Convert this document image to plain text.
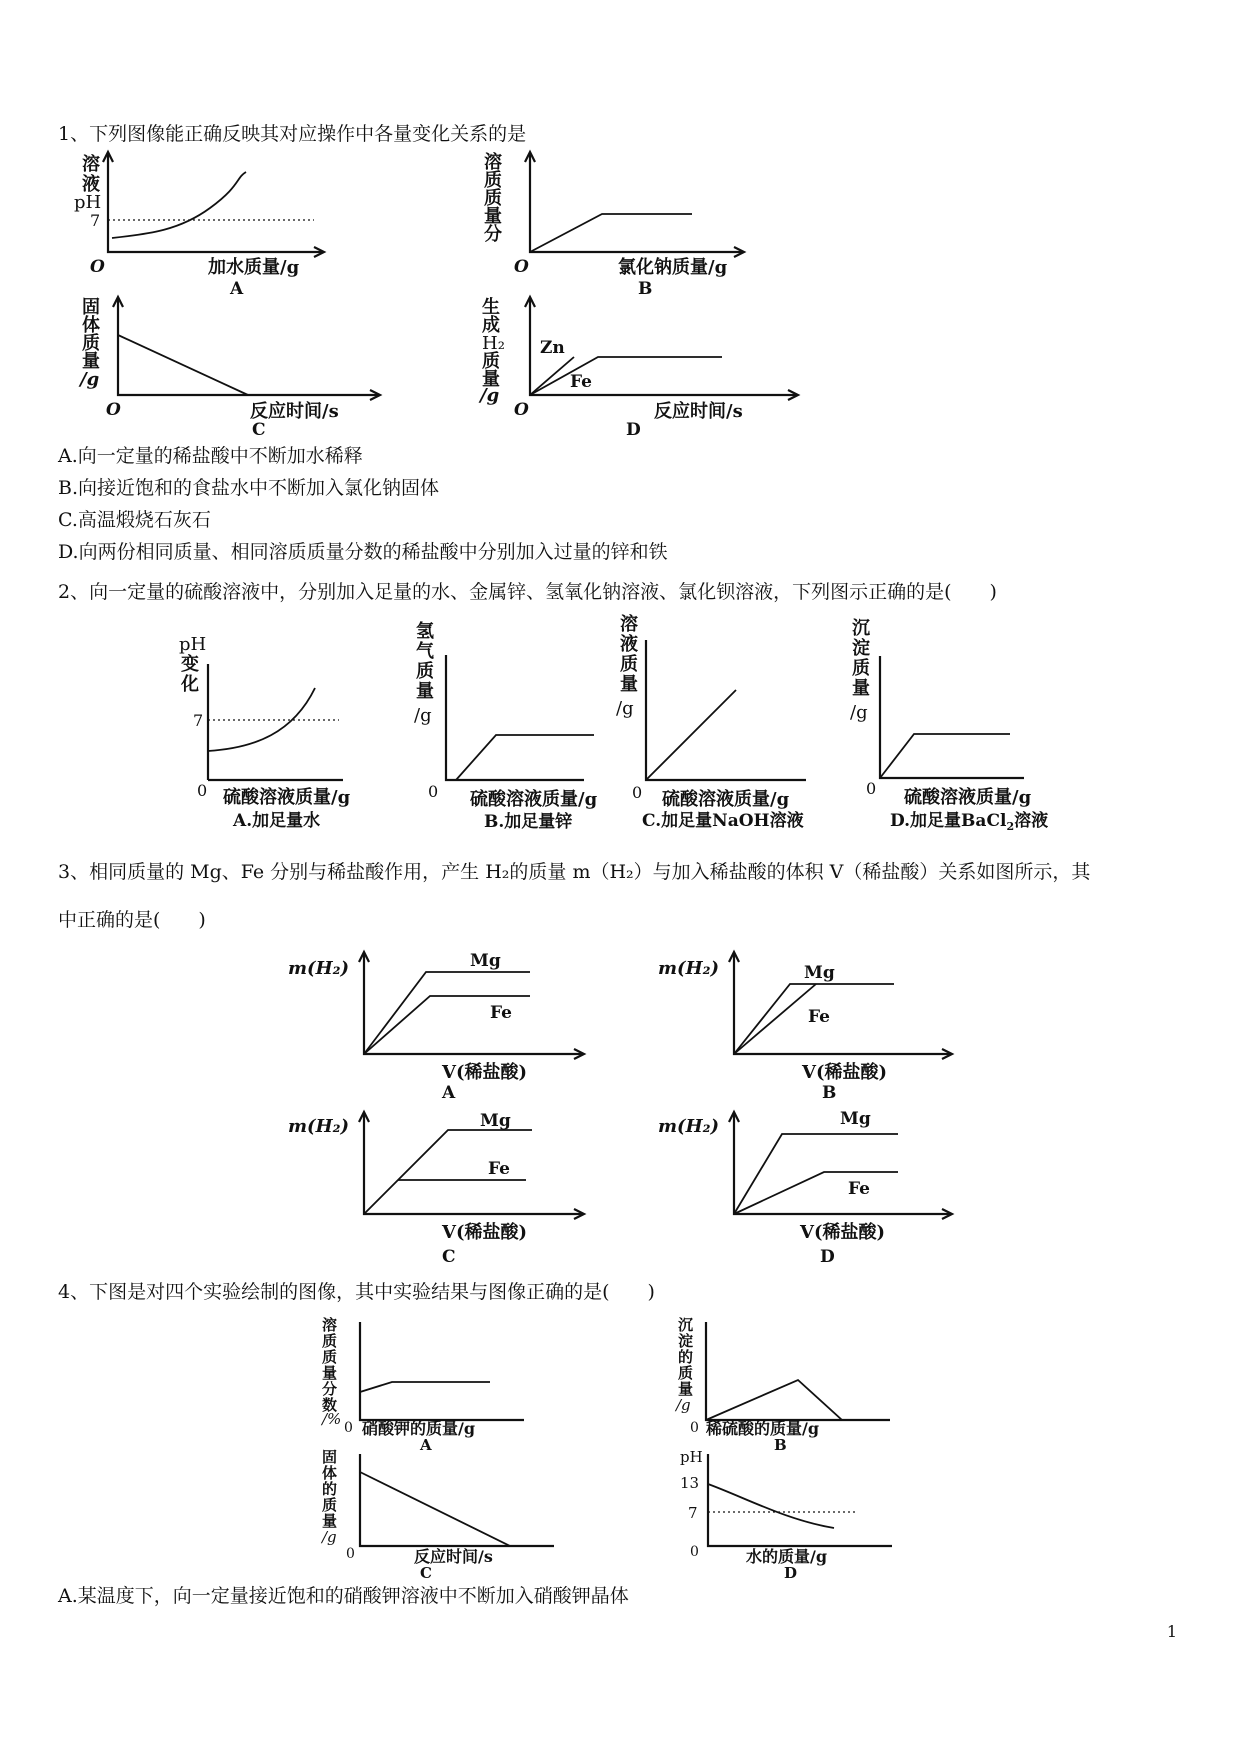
1、下列图像能正确反映其对应操作中各量变化关系的是
溶
液
pH
7
O	加水质量/g
A
溶
质
质
量
分
O	氯化钠质量/g
B
固
体
质
量
/g
O	反应时间/s
C
生
成
H₂
质
量
/g
Zn
Fe
O	反应时间/s
D
A.向一定量的稀盐酸中不断加水稀释
B.向接近饱和的食盐水中不断加入氯化钠固体
C.高温煅烧石灰石
D.向两份相同质量、相同溶质质量分数的稀盐酸中分别加入过量的锌和铁
2、向一定量的硫酸溶液中，分别加入足量的水、金属锌、氢氧化钠溶液、氯化钡溶液，下列图示正确的是(　　)
pH
变
化
7
0 硫酸溶液质量/g
A.加足量水
氢
气
质
量
/g
0 硫酸溶液质量/g
B.加足量锌
溶
液
质
量
/g
0 硫酸溶液质量/g
C.加足量NaOH溶液
沉
淀
质
量
/g
0 硫酸溶液质量/g
D.加足量BaCl$_2$溶液
3、相同质量的 Mg、Fe 分别与稀盐酸作用，产生 H₂的质量 m（H₂）与加入稀盐酸的体积 V（稀盐酸）关系如图所示，其
中正确的是(　　)
m(H₂)	Mg
Fe
V(稀盐酸)
A
m(H₂)	Mg
Fe
V(稀盐酸)
B
m(H₂)	Mg
Fe
V(稀盐酸)
C
m(H₂)	Mg
Fe
V(稀盐酸)
D
4、下图是对四个实验绘制的图像，其中实验结果与图像正确的是(　　)
溶
质
质
量
分
数
/% 0 硝酸钾的质量/g
A
沉
淀
的
质
量
/g
0 稀硫酸的质量/g
B
固
体
的
质
量
/g
0	反应时间/s
C
pH
13
7
0	水的质量/g
D
A.某温度下，向一定量接近饱和的硝酸钾溶液中不断加入硝酸钾晶体
1
